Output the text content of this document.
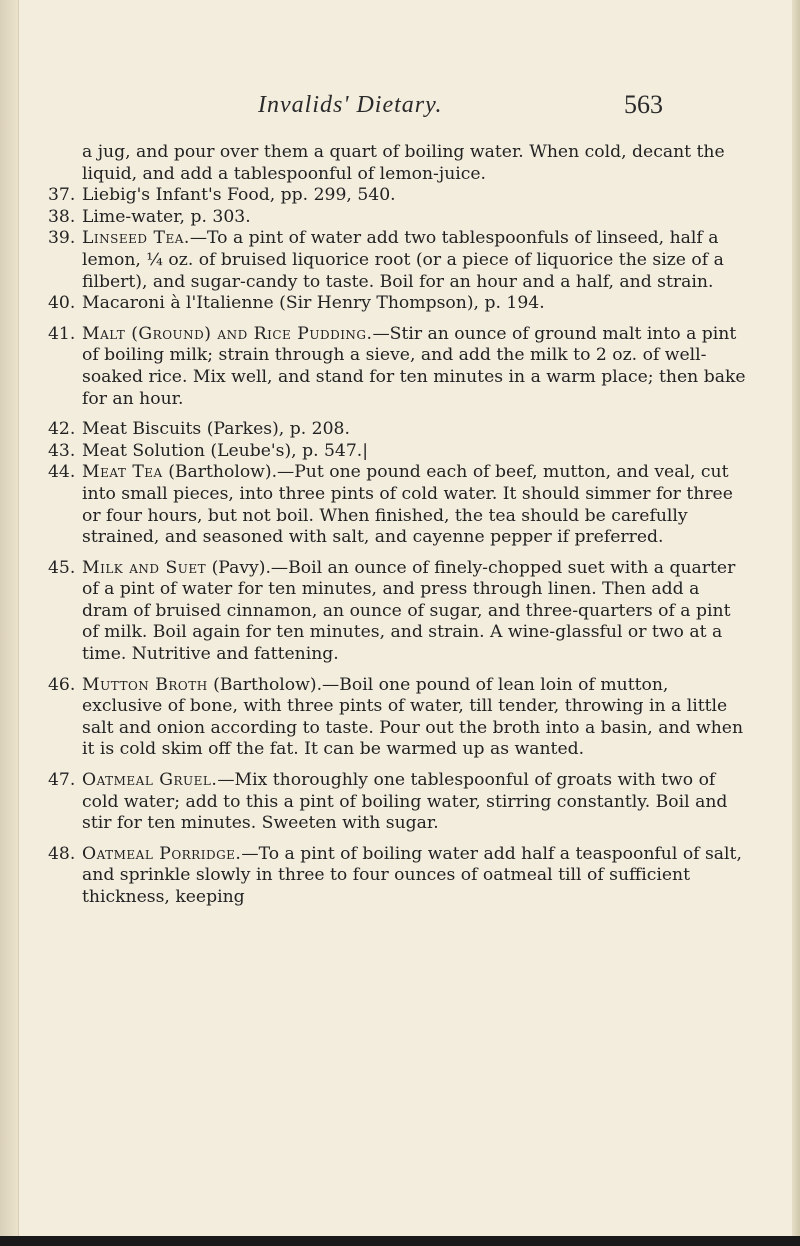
Invalids' Dietary.	563

a jug, and pour over them a quart of boiling water. When cold, decant the liquid, and add a tablespoonful of lemon-juice.

37. Liebig's Infant's Food, pp. 299, 540.
38. Lime-water, p. 303.
39. Linseed Tea.—To a pint of water add two tablespoonfuls of linseed, half a lemon, ¼ oz. of bruised liquorice root (or a piece of liquorice the size of a filbert), and sugar-candy to taste. Boil for an hour and a half, and strain.
40. Macaroni à l'Italienne (Sir Henry Thompson), p. 194.
41. Malt (Ground) and Rice Pudding.—Stir an ounce of ground malt into a pint of boiling milk; strain through a sieve, and add the milk to 2 oz. of well-soaked rice. Mix well, and stand for ten minutes in a warm place; then bake for an hour.
42. Meat Biscuits (Parkes), p. 208.
43. Meat Solution (Leube's), p. 547.|
44. Meat Tea (Bartholow).—Put one pound each of beef, mutton, and veal, cut into small pieces, into three pints of cold water. It should simmer for three or four hours, but not boil. When finished, the tea should be carefully strained, and seasoned with salt, and cayenne pepper if preferred.
45. Milk and Suet (Pavy).—Boil an ounce of finely-chopped suet with a quarter of a pint of water for ten minutes, and press through linen. Then add a dram of bruised cinnamon, an ounce of sugar, and three-quarters of a pint of milk. Boil again for ten minutes, and strain. A wine-glassful or two at a time. Nutritive and fattening.
46. Mutton Broth (Bartholow).—Boil one pound of lean loin of mutton, exclusive of bone, with three pints of water, till tender, throwing in a little salt and onion according to taste. Pour out the broth into a basin, and when it is cold skim off the fat. It can be warmed up as wanted.
47. Oatmeal Gruel.—Mix thoroughly one tablespoonful of groats with two of cold water; add to this a pint of boiling water, stirring constantly. Boil and stir for ten minutes. Sweeten with sugar.
48. Oatmeal Porridge.—To a pint of boiling water add half a teaspoonful of salt, and sprinkle slowly in three to four ounces of oatmeal till of sufficient thickness, keeping
